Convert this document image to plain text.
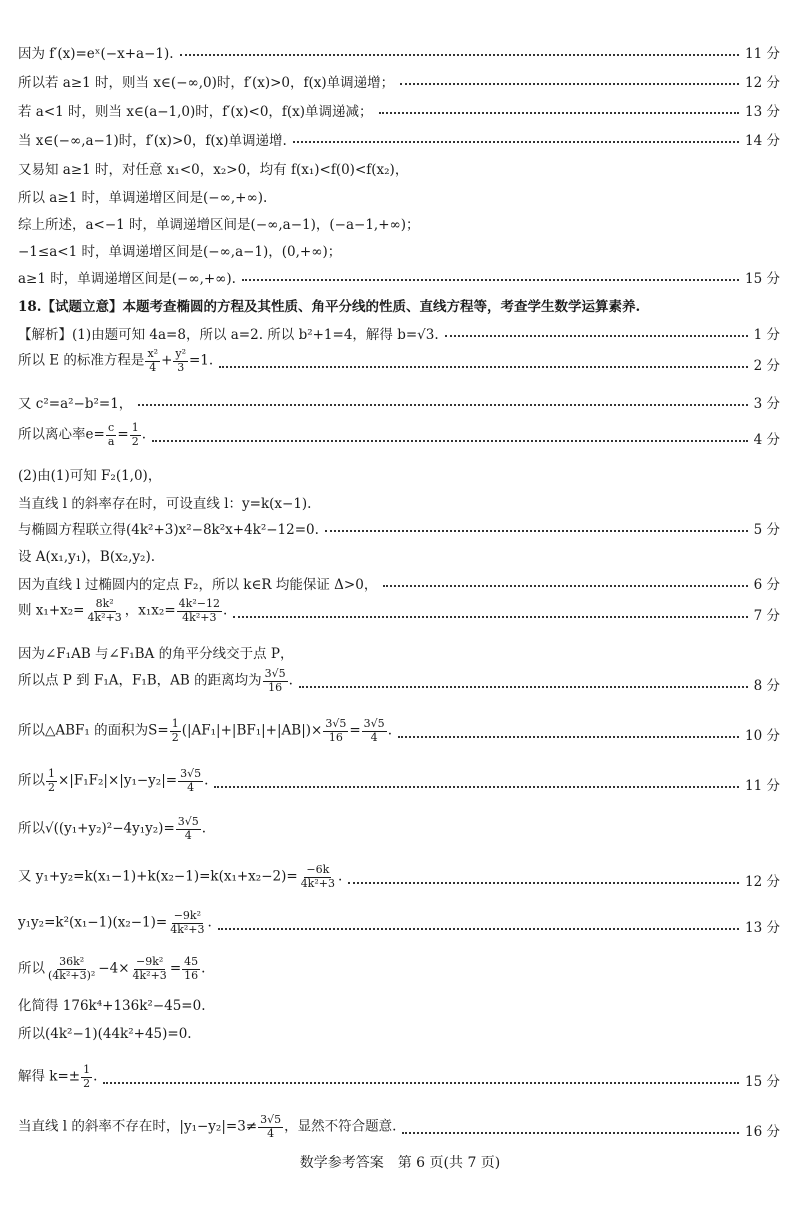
因为 f′(x)=eˣ(−x+a−1).	11 分
所以若 a≥1 时，则当 x∈(−∞,0)时，f′(x)>0，f(x)单调递增；	12 分
若 a<1 时，则当 x∈(a−1,0)时，f′(x)<0，f(x)单调递减；	13 分
当 x∈(−∞,a−1)时，f′(x)>0，f(x)单调递增.	14 分
又易知 a≥1 时，对任意 x₁<0，x₂>0，均有 f(x₁)<f(0)<f(x₂)，
所以 a≥1 时，单调递增区间是(−∞,+∞).
综上所述，a<−1 时，单调递增区间是(−∞,a−1)，(−a−1,+∞)；
−1≤a<1 时，单调递增区间是(−∞,a−1)，(0,+∞)；
a≥1 时，单调递增区间是(−∞,+∞).	15 分
18.【试题立意】本题考查椭圆的方程及其性质、角平分线的性质、直线方程等，考查学生数学运算素养.
【解析】(1)由题可知 4a=8，所以 a=2. 所以 b²+1=4，解得 b=√3.	1 分
所以 E 的标准方程是 $\frac{\text{x²}}{4} + \frac{\text{y²}}{3} =1$.	2 分
又 c²=a²−b²=1，	3 分
所以离心率$e= \frac{c}{a} = \frac{1}{2}$ .	4 分
(2)由(1)可知 F₂(1,0)，
当直线 l 的斜率存在时，可设直线 l：y=k(x−1).
与椭圆方程联立得(4k²+3)x²−8k²x+4k²−12=0.	5 分
设 A(x₁,y₁)，B(x₂,y₂).
因为直线 l 过椭圆内的定点 F₂，所以 k∈R 均能保证 Δ>0，	6 分
则 $x_1+x_2= \frac{\text{8k²}}{\text{4k²+3}}$ ，$x_1x_2= \frac{\text{4k²−12}}{\text{4k²+3}}$ .	7 分
因为∠F₁AB 与∠F₁BA 的角平分线交于点 P，
所以点 P 到 F₁A，F₁B，AB 的距离均为 $\frac{3√5}{16}$ .	8 分
所以△ABF₁ 的面积为$S= \frac{1}{2} (|AF_1|+|BF_1|+|AB|)\times \frac{3√5}{16} = \frac{3√5}{4}$ .	10 分
所以 $\frac{1}{2} \times|F_1F_2|\times|y_1-y_2|= \frac{3√5}{4}$ .	11 分
所以$√((y_1+y_2)^2-4y_1y_2)= \frac{3√5}{4}$ .
又 $y_1+y_2=k(x_1-1)+k(x_2-1)=k(x_1+x_2-2)= \frac{-6k}{\text{4k²+3}}$ .	12 分
$y_1y_2=k^2(x_1-1)(x_2-1)= \frac{\text{−9k²}}{\text{4k²+3}}$ .	13 分
所以 $\frac{\text{36k²}}{\text{(4k²+3)²}} -4\times \frac{\text{−9k²}}{\text{4k²+3}} = \frac{45}{16}$ .
化简得 176k⁴+136k²−45=0.
所以(4k²−1)(44k²+45)=0.
解得 $k=\pm \frac{1}{2}$ .	15 分
当直线 l 的斜率不存在时，$|y_1-y_2|=3\ne \frac{3√5}{4}$ ，显然不符合题意.	16 分
数学参考答案　第 6 页(共 7 页)
